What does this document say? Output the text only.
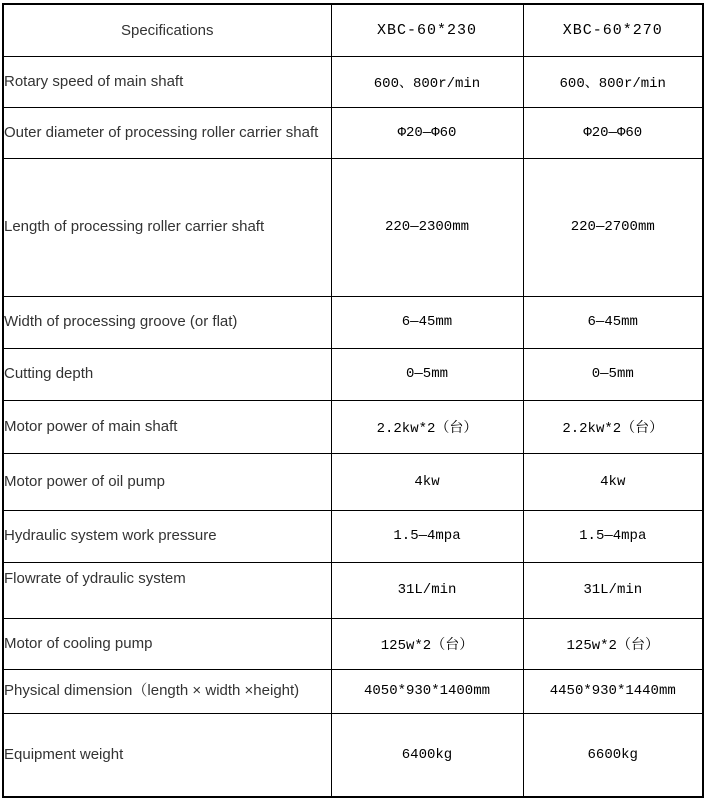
Specifications	XBC-60*230	XBC-60*270
Rotary speed of main shaft	600、800r/min	600、800r/min
Outer diameter of processing roller carrier shaft	Φ20—Φ60	Φ20—Φ60
Length of processing roller carrier shaft	220—2300mm	220—2700mm
Width of processing groove (or flat)	6—45mm	6—45mm
Cutting depth	0—5mm	0—5mm
Motor power of main shaft	2.2kw*2（台）	2.2kw*2（台）
Motor power of oil pump	4kw	4kw
Hydraulic system work pressure	1.5—4mpa	1.5—4mpa
Flowrate of ydraulic system	31L/min	31L/min
Motor of cooling pump	125w*2（台）	125w*2（台）
Physical dimension（length × width ×height)	4050*930*1400mm	4450*930*1440mm
Equipment weight	6400kg	6600kg
